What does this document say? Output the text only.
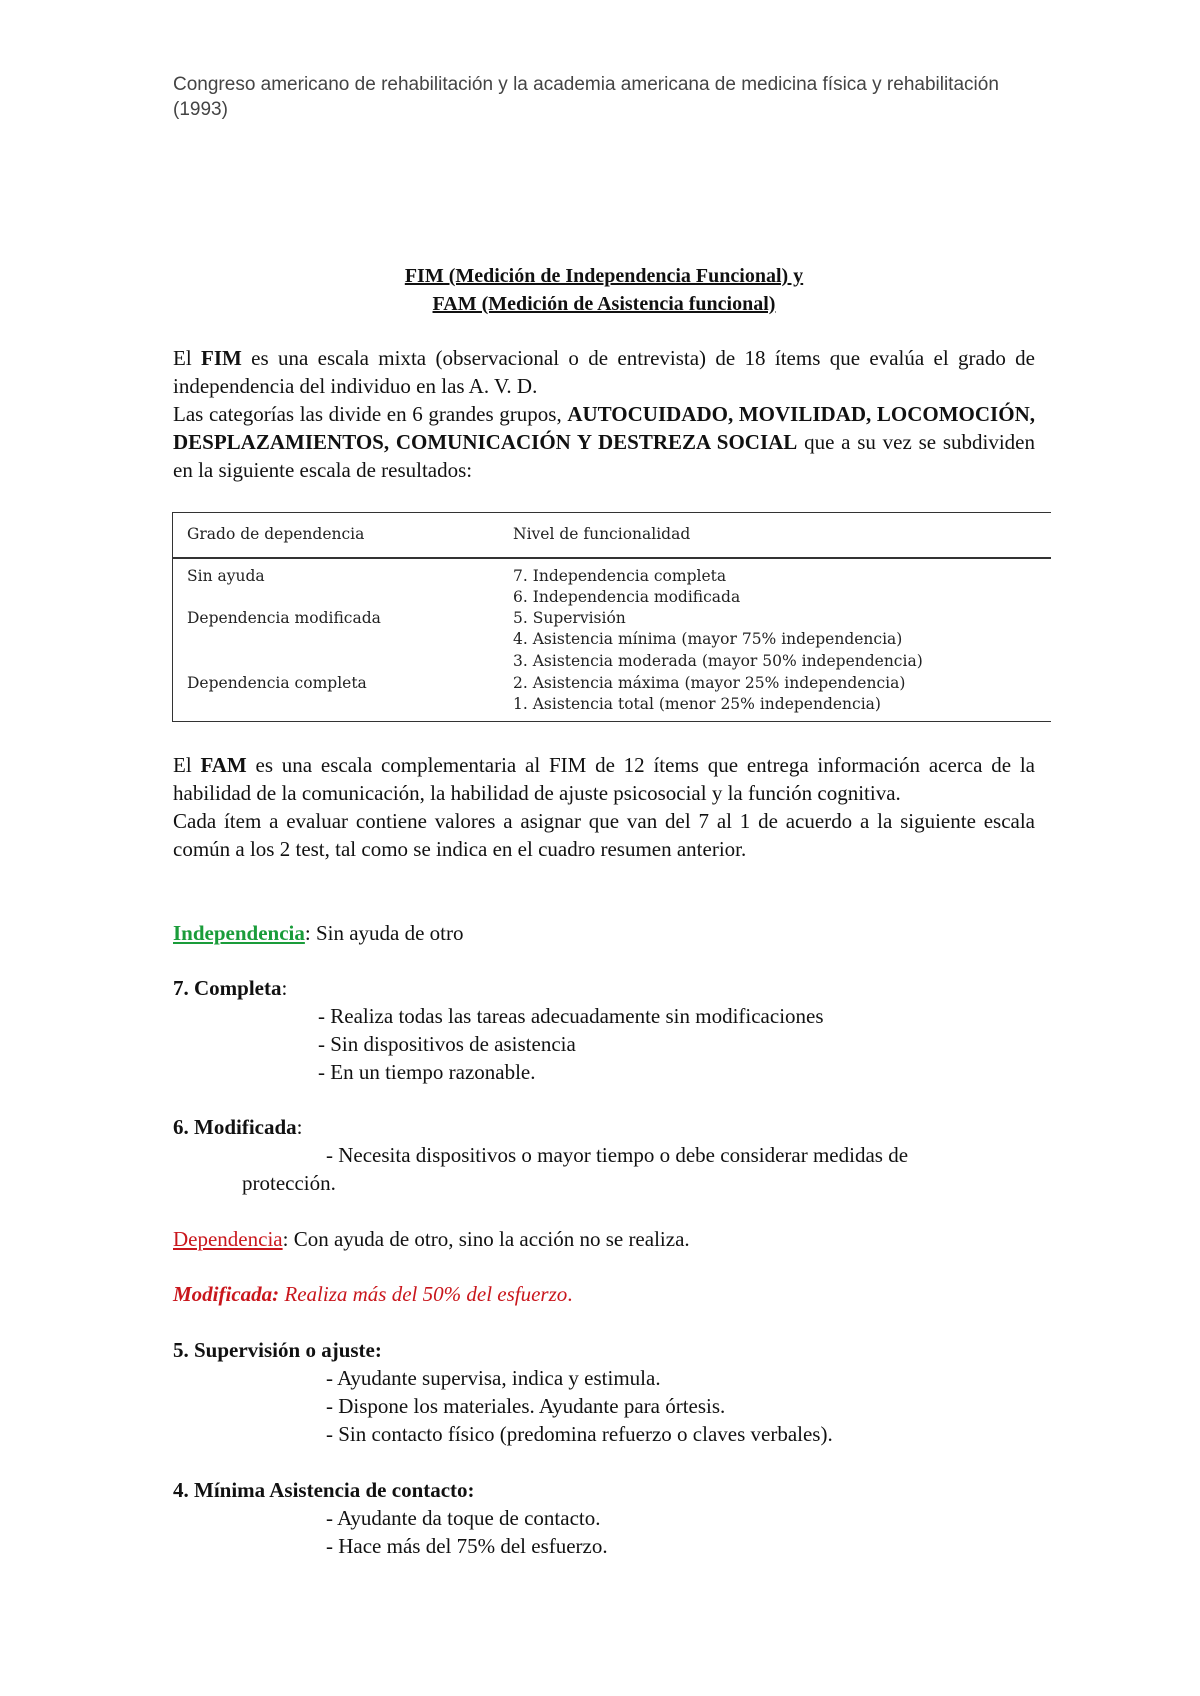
Congreso americano de rehabilitación y la academia americana de medicina física y rehabilitación (1993)
FIM (Medición de Independencia Funcional) y
FAM (Medición de Asistencia funcional)

El FIM es una escala mixta (observacional o de entrevista) de 18 ítems que evalúa el grado de independencia del individuo en las A. V. D.

Las categorías las divide en 6 grandes grupos, AUTOCUIDADO, MOVILIDAD, LOCOMOCIÓN, DESPLAZAMIENTOS, COMUNICACIÓN Y DESTREZA SOCIAL que a su vez se subdividen en la siguiente escala de resultados:

Grado de dependencia	Nivel de funcionalidad
Sin ayuda
Dependencia modificada
Dependencia completa
7. Independencia completa
6. Independencia modificada
5. Supervisión
4. Asistencia mínima (mayor 75% independencia)
3. Asistencia moderada (mayor 50% independencia)
2. Asistencia máxima (mayor 25% independencia)
1. Asistencia total (menor 25% independencia)

El FAM es una escala complementaria al FIM de 12 ítems que entrega información acerca de la habilidad de la comunicación, la habilidad de ajuste psicosocial y la función cognitiva.

Cada ítem a evaluar contiene valores a asignar que van del 7 al 1 de acuerdo a la siguiente escala común a los 2 test, tal como se indica en el cuadro resumen anterior.

Independencia: Sin ayuda de otro
7. Completa:
- Realiza todas las tareas adecuadamente sin modificaciones
- Sin dispositivos de asistencia
- En un tiempo razonable.
6. Modificada:
- Necesita dispositivos o mayor tiempo o debe considerar medidas de
protección.
Dependencia: Con ayuda de otro, sino la acción no se realiza.
Modificada: Realiza más del 50% del esfuerzo.
5. Supervisión o ajuste:
- Ayudante supervisa, indica y estimula.
- Dispone los materiales. Ayudante para órtesis.
- Sin contacto físico (predomina refuerzo o claves verbales).
4. Mínima Asistencia de contacto:
- Ayudante da toque de contacto.
- Hace más del 75% del esfuerzo.
